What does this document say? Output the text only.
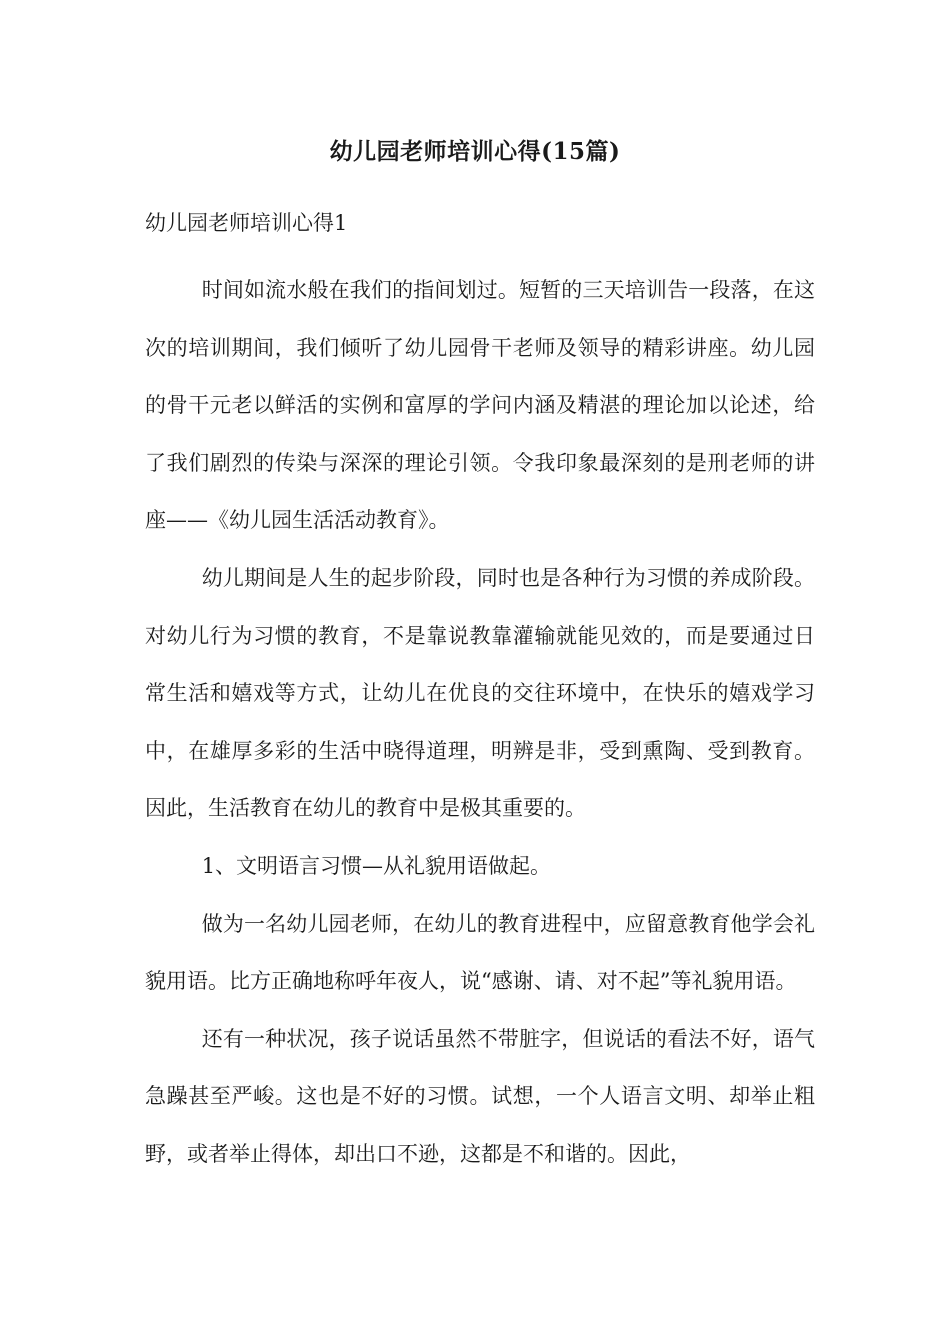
幼儿园老师培训心得(15篇)
幼儿园老师培训心得1

时间如流水般在我们的指间划过。短暂的三天培训告一段落，在这次的培训期间，我们倾听了幼儿园骨干老师及领导的精彩讲座。幼儿园的骨干元老以鲜活的实例和富厚的学问内涵及精湛的理论加以论述，给了我们剧烈的传染与深深的理论引领。令我印象最深刻的是刑老师的讲座——《幼儿园生活活动教育》。

幼儿期间是人生的起步阶段，同时也是各种行为习惯的养成阶段。对幼儿行为习惯的教育，不是靠说教靠灌输就能见效的，而是要通过日常生活和嬉戏等方式，让幼儿在优良的交往环境中，在快乐的嬉戏学习中，在雄厚多彩的生活中晓得道理，明辨是非，受到熏陶、受到教育。因此，生活教育在幼儿的教育中是极其重要的。

1、文明语言习惯—从礼貌用语做起。

做为一名幼儿园老师，在幼儿的教育进程中，应留意教育他学会礼貌用语。比方正确地称呼年夜人，说“感谢、请、对不起”等礼貌用语。

还有一种状况，孩子说话虽然不带脏字，但说话的看法不好，语气急躁甚至严峻。这也是不好的习惯。试想，一个人语言文明、却举止粗野，或者举止得体，却出口不逊，这都是不和谐的。因此，
